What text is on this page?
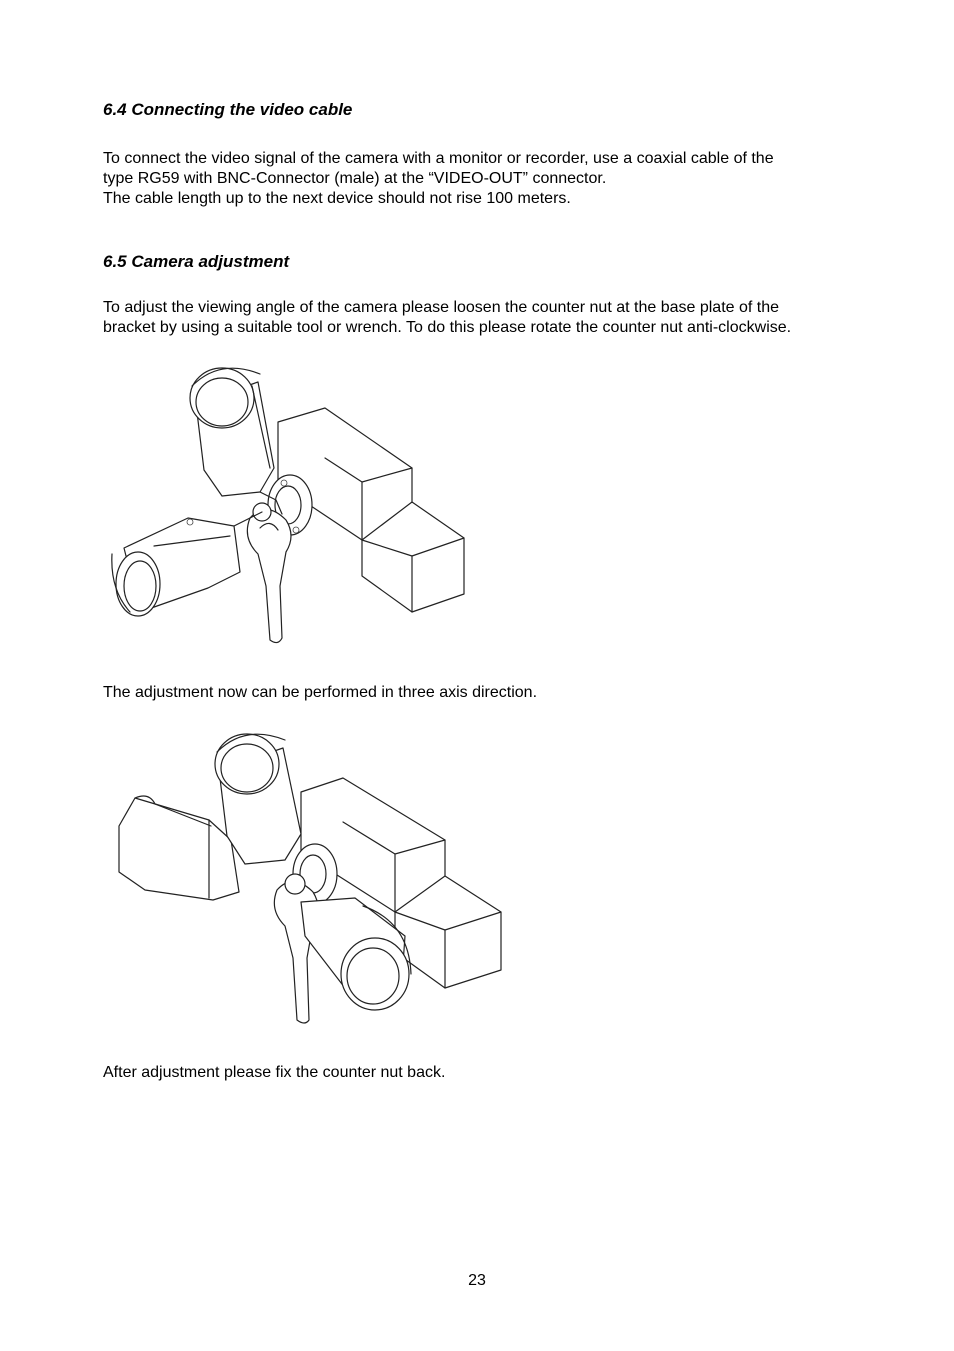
6.4 Connecting the video cable
To connect the video signal of the camera with a monitor or recorder, use a coaxial cable of the
type RG59 with BNC-Connector (male) at the “VIDEO-OUT” connector.
The cable length up to the next device should not rise 100 meters.
6.5 Camera adjustment
To adjust the viewing angle of the camera please loosen the counter nut at the base plate of the
bracket by using a suitable tool or wrench. To do this please rotate the counter nut anti-clockwise.
The adjustment now can be performed in three axis direction.
After adjustment please fix the counter nut back.
23
